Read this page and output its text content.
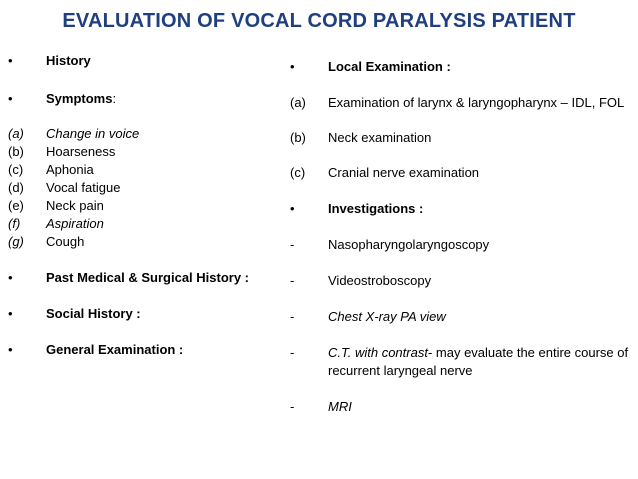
EVALUATION OF VOCAL CORD PARALYSIS PATIENT
•	History
•	Symptoms:
(a)	Change in voice
(b)	Hoarseness
(c)	Aphonia
(d)	Vocal fatigue
(e)	Neck pain
(f)	Aspiration
(g)	Cough
•	Past Medical & Surgical History :
•	Social History :
•	General Examination :
•	Local Examination :
(a)	Examination of larynx & laryngopharynx – IDL, FOL
(b)	Neck examination
(c)	Cranial nerve examination
•	Investigations :
-	Nasopharyngolaryngoscopy
-	Videostroboscopy
-	Chest X-ray PA view
-	C.T. with contrast- may evaluate the entire course of recurrent laryngeal nerve
-	MRI
